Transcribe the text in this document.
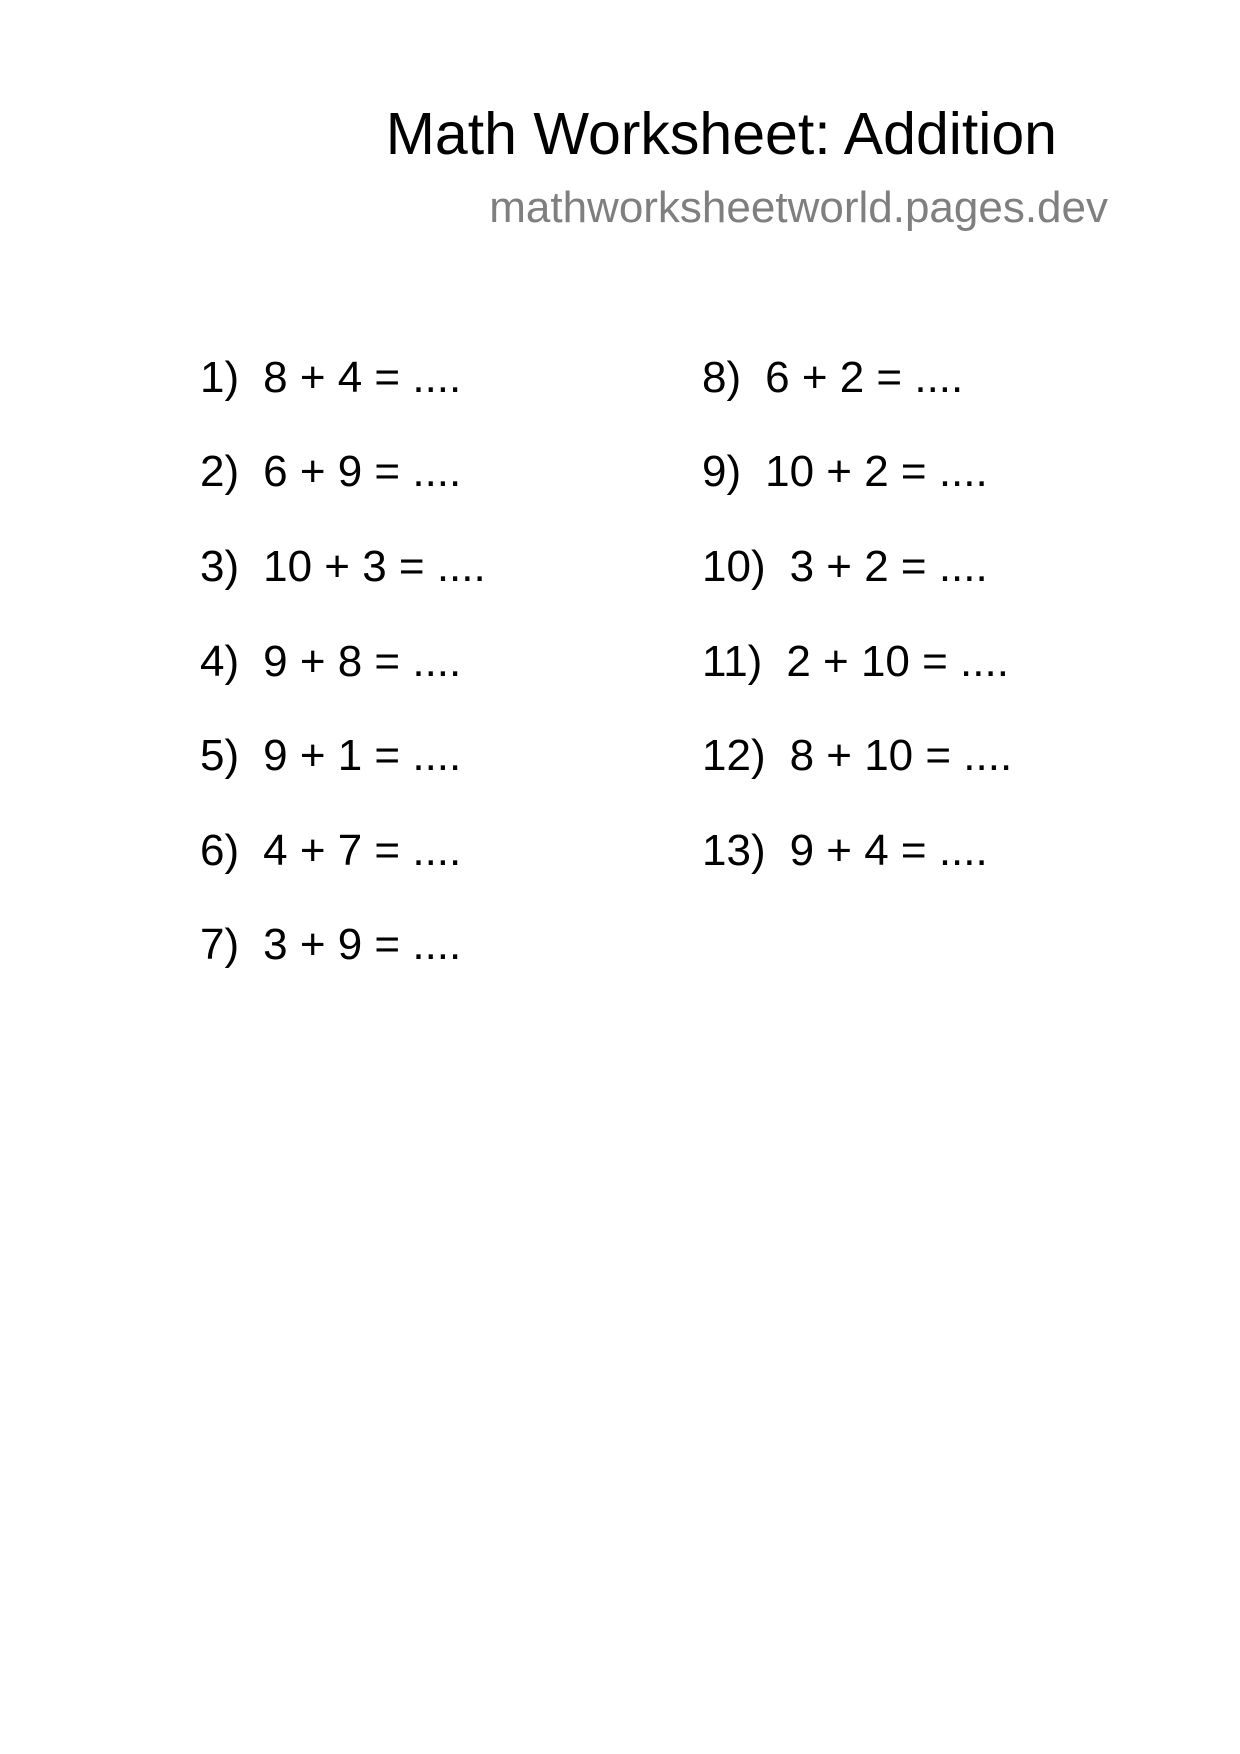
Math Worksheet: Addition
mathworksheetworld.pages.dev
1) 8 + 4 = ....
2) 6 + 9 = ....
3) 10 + 3 = ....
4) 9 + 8 = ....
5) 9 + 1 = ....
6) 4 + 7 = ....
7) 3 + 9 = ....
8) 6 + 2 = ....
9) 10 + 2 = ....
10) 3 + 2 = ....
11) 2 + 10 = ....
12) 8 + 10 = ....
13) 9 + 4 = ....
